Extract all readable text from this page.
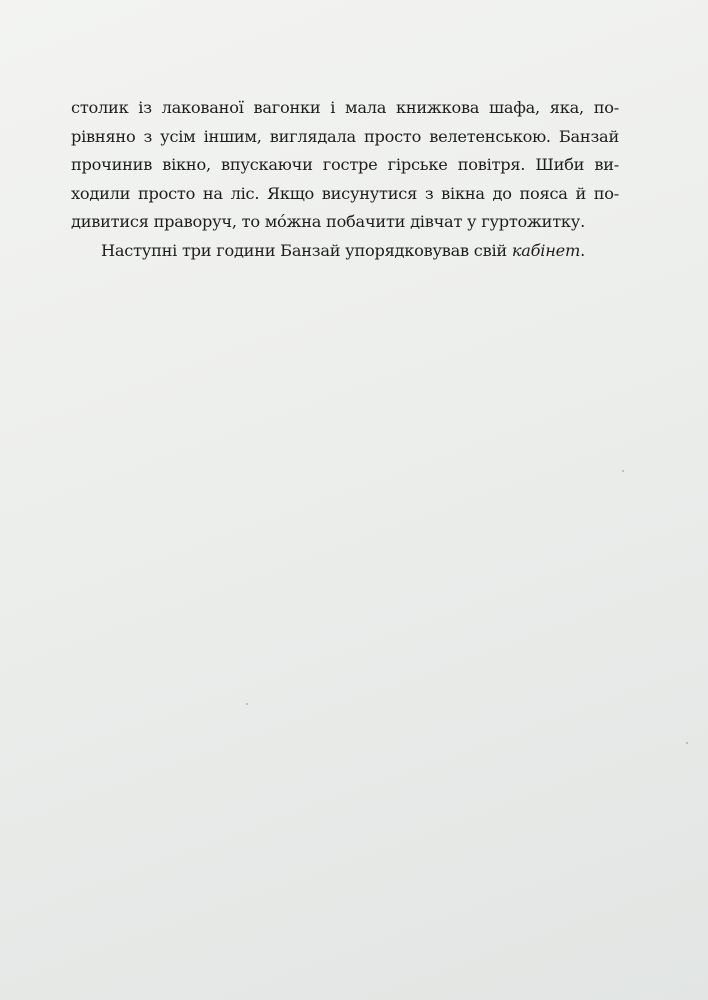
столик із лакованої вагонки і мала книжкова шафа, яка, по-
рівняно з усім іншим, виглядала просто велетенською. Банзай
прочинив вікно, впускаючи гостре гірське повітря. Шиби ви-
ходили просто на ліс. Якщо висунутися з вікна до пояса й по-
дивитися праворуч, то мо́жна побачити дівчат у гуртожитку.
Наступні три години Банзай упорядковував свій кабінет.
